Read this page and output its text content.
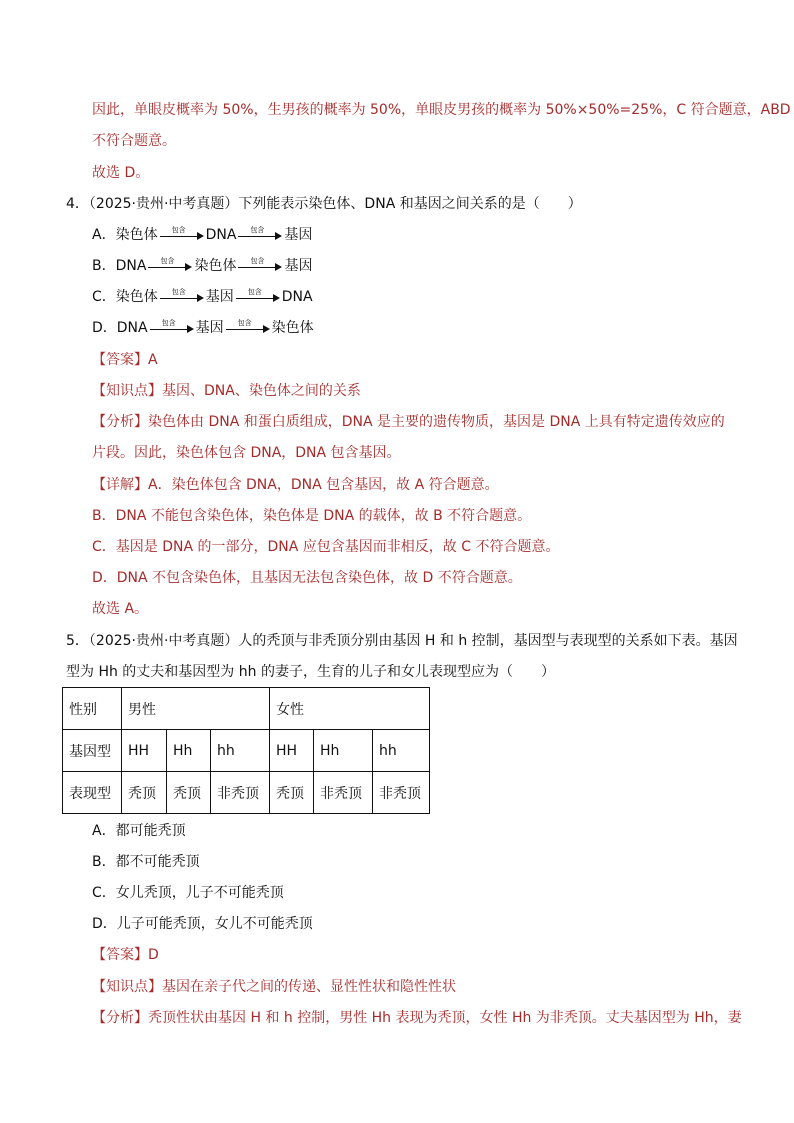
因此，单眼皮概率为 50%，生男孩的概率为 50%，单眼皮男孩的概率为 50%×50%=25%，C 符合题意，ABD
不符合题意。
故选 D。
4．（2025·贵州·中考真题）下列能表示染色体、DNA 和基因之间关系的是（　　）
A． 染色体 包含 DNA 包含 基因
B． DNA 包含 染色体 包含 基因
C． 染色体 包含 基因 包含 DNA
D． DNA 包含 基因 包含 染色体
【答案】A
【知识点】基因、DNA、染色体之间的关系
【分析】染色体由 DNA 和蛋白质组成，DNA 是主要的遗传物质，基因是 DNA 上具有特定遗传效应的
片段。因此，染色体包含 DNA，DNA 包含基因。
【详解】A．染色体包含 DNA，DNA 包含基因，故 A 符合题意。
B．DNA 不能包含染色体，染色体是 DNA 的载体，故 B 不符合题意。
C．基因是 DNA 的一部分，DNA 应包含基因而非相反，故 C 不符合题意。
D．DNA 不包含染色体，且基因无法包含染色体，故 D 不符合题意。
故选 A。
5．（2025·贵州·中考真题）人的秃顶与非秃顶分别由基因 H 和 h 控制，基因型与表现型的关系如下表。基因
型为 Hh 的丈夫和基因型为 hh 的妻子，生育的儿子和女儿表现型应为（　　）
性别	男性			女性		
基因型	HH	Hh	hh	HH	Hh	hh
表现型	秃顶	秃顶	非秃顶	秃顶	非秃顶	非秃顶
A．都可能秃顶
B．都不可能秃顶
C．女儿秃顶，儿子不可能秃顶
D．儿子可能秃顶，女儿不可能秃顶
【答案】D
【知识点】基因在亲子代之间的传递、显性性状和隐性性状
【分析】秃顶性状由基因 H 和 h 控制，男性 Hh 表现为秃顶，女性 Hh 为非秃顶。丈夫基因型为 Hh，妻
